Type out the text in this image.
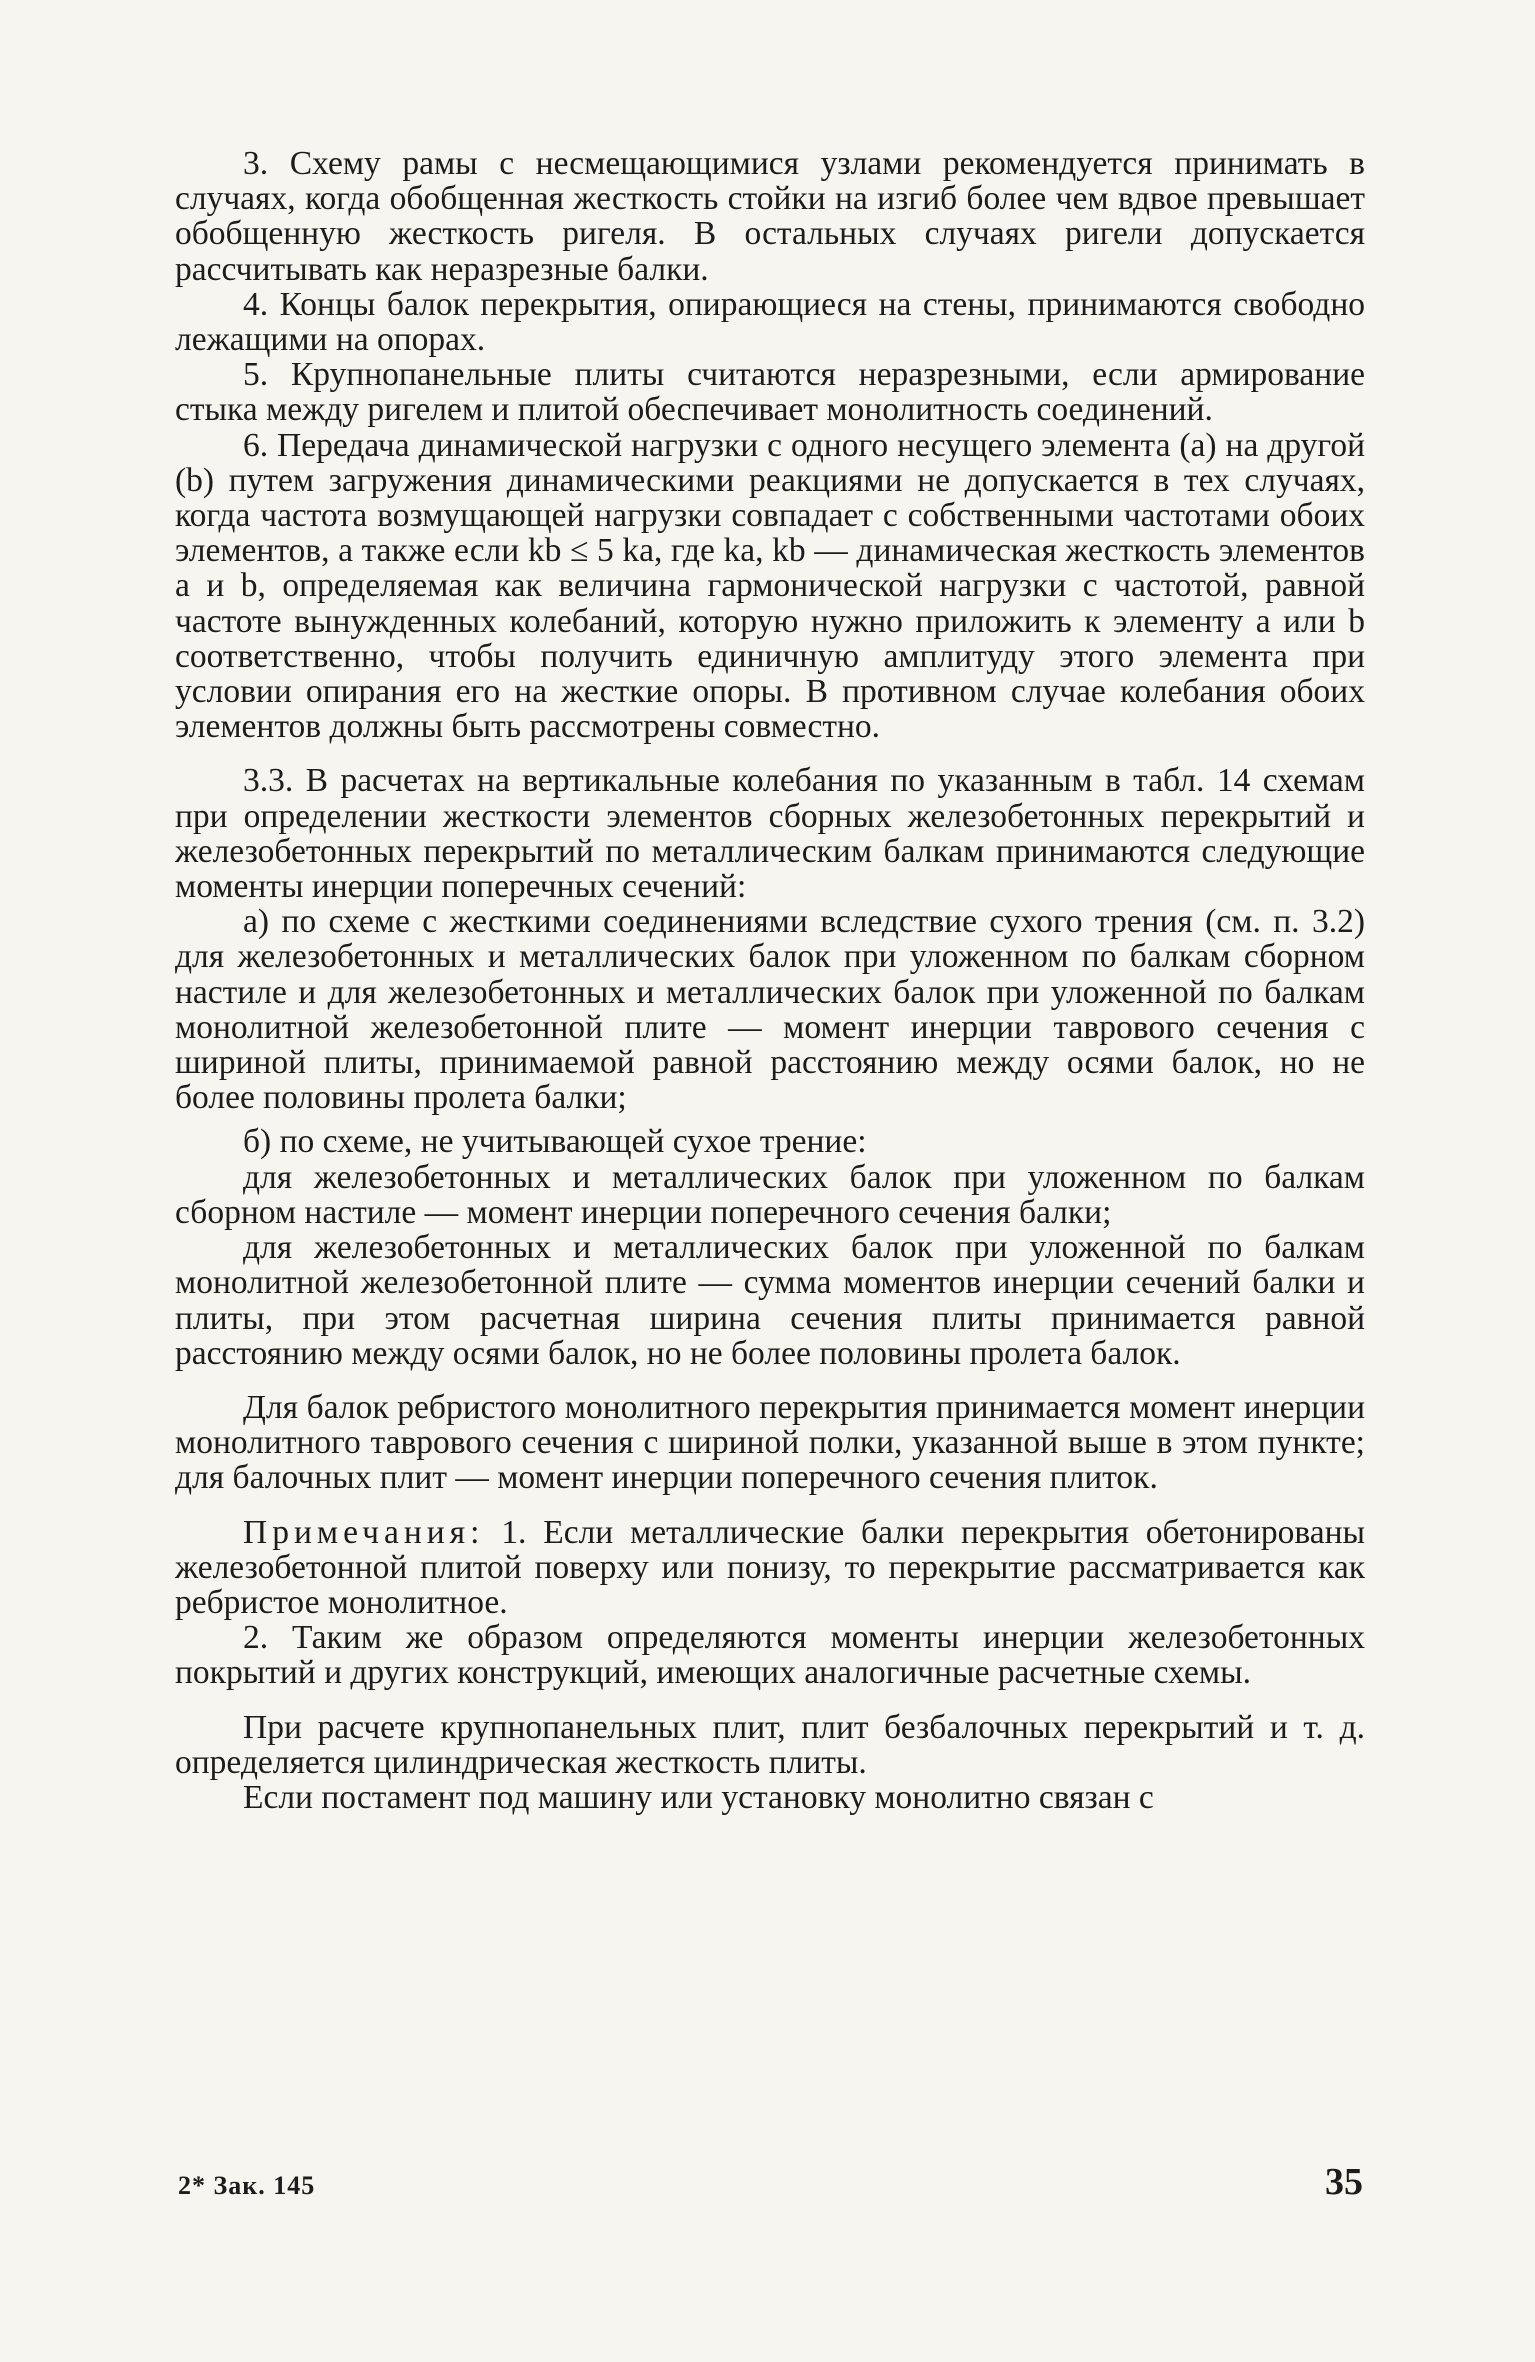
3. Схему рамы с несмещающимися узлами рекомендуется принимать в случаях, когда обобщенная жесткость стойки на изгиб более чем вдвое превышает обобщенную жесткость ригеля. В остальных случаях ригели допускается рассчитывать как неразрезные балки.

4. Концы балок перекрытия, опирающиеся на стены, принимаются свободно лежащими на опорах.

5. Крупнопанельные плиты считаются неразрезными, если армирование стыка между ригелем и плитой обеспечивает монолитность соединений.

6. Передача динамической нагрузки с одного несущего элемента (a) на другой (b) путем загружения динамическими реакциями не допускается в тех случаях, когда частота возмущающей нагрузки совпадает с собственными частотами обоих элементов, а также если kb ≤ 5 ka, где ka, kb — динамическая жесткость элементов a и b, определяемая как величина гармонической нагрузки с частотой, равной частоте вынужденных колебаний, которую нужно приложить к элементу a или b соответственно, чтобы получить единичную амплитуду этого элемента при условии опирания его на жесткие опоры. В противном случае колебания обоих элементов должны быть рассмотрены совместно.

3.3. В расчетах на вертикальные колебания по указанным в табл. 14 схемам при определении жесткости элементов сборных железобетонных перекрытий и железобетонных перекрытий по металлическим балкам принимаются следующие моменты инерции поперечных сечений:

а) по схеме с жесткими соединениями вследствие сухого трения (см. п. 3.2) для железобетонных и металлических балок при уложенном по балкам сборном настиле и для железобетонных и металлических балок при уложенной по балкам монолитной железобетонной плите — момент инерции таврового сечения с шириной плиты, принимаемой равной расстоянию между осями балок, но не более половины пролета балки;

б) по схеме, не учитывающей сухое трение:

для железобетонных и металлических балок при уложенном по балкам сборном настиле — момент инерции поперечного сечения балки;

для железобетонных и металлических балок при уложенной по балкам монолитной железобетонной плите — сумма моментов инерции сечений балки и плиты, при этом расчетная ширина сечения плиты принимается равной расстоянию между осями балок, но не более половины пролета балок.

Для балок ребристого монолитного перекрытия принимается момент инерции монолитного таврового сечения с шириной полки, указанной выше в этом пункте; для балочных плит — момент инерции поперечного сечения плиток.

Примечания: 1. Если металлические балки перекрытия обетонированы железобетонной плитой поверху или понизу, то перекрытие рассматривается как ребристое монолитное.

2. Таким же образом определяются моменты инерции железобетонных покрытий и других конструкций, имеющих аналогичные расчетные схемы.

При расчете крупнопанельных плит, плит безбалочных перекрытий и т. д. определяется цилиндрическая жесткость плиты.

Если постамент под машину или установку монолитно связан с

2* Зак. 145	35
